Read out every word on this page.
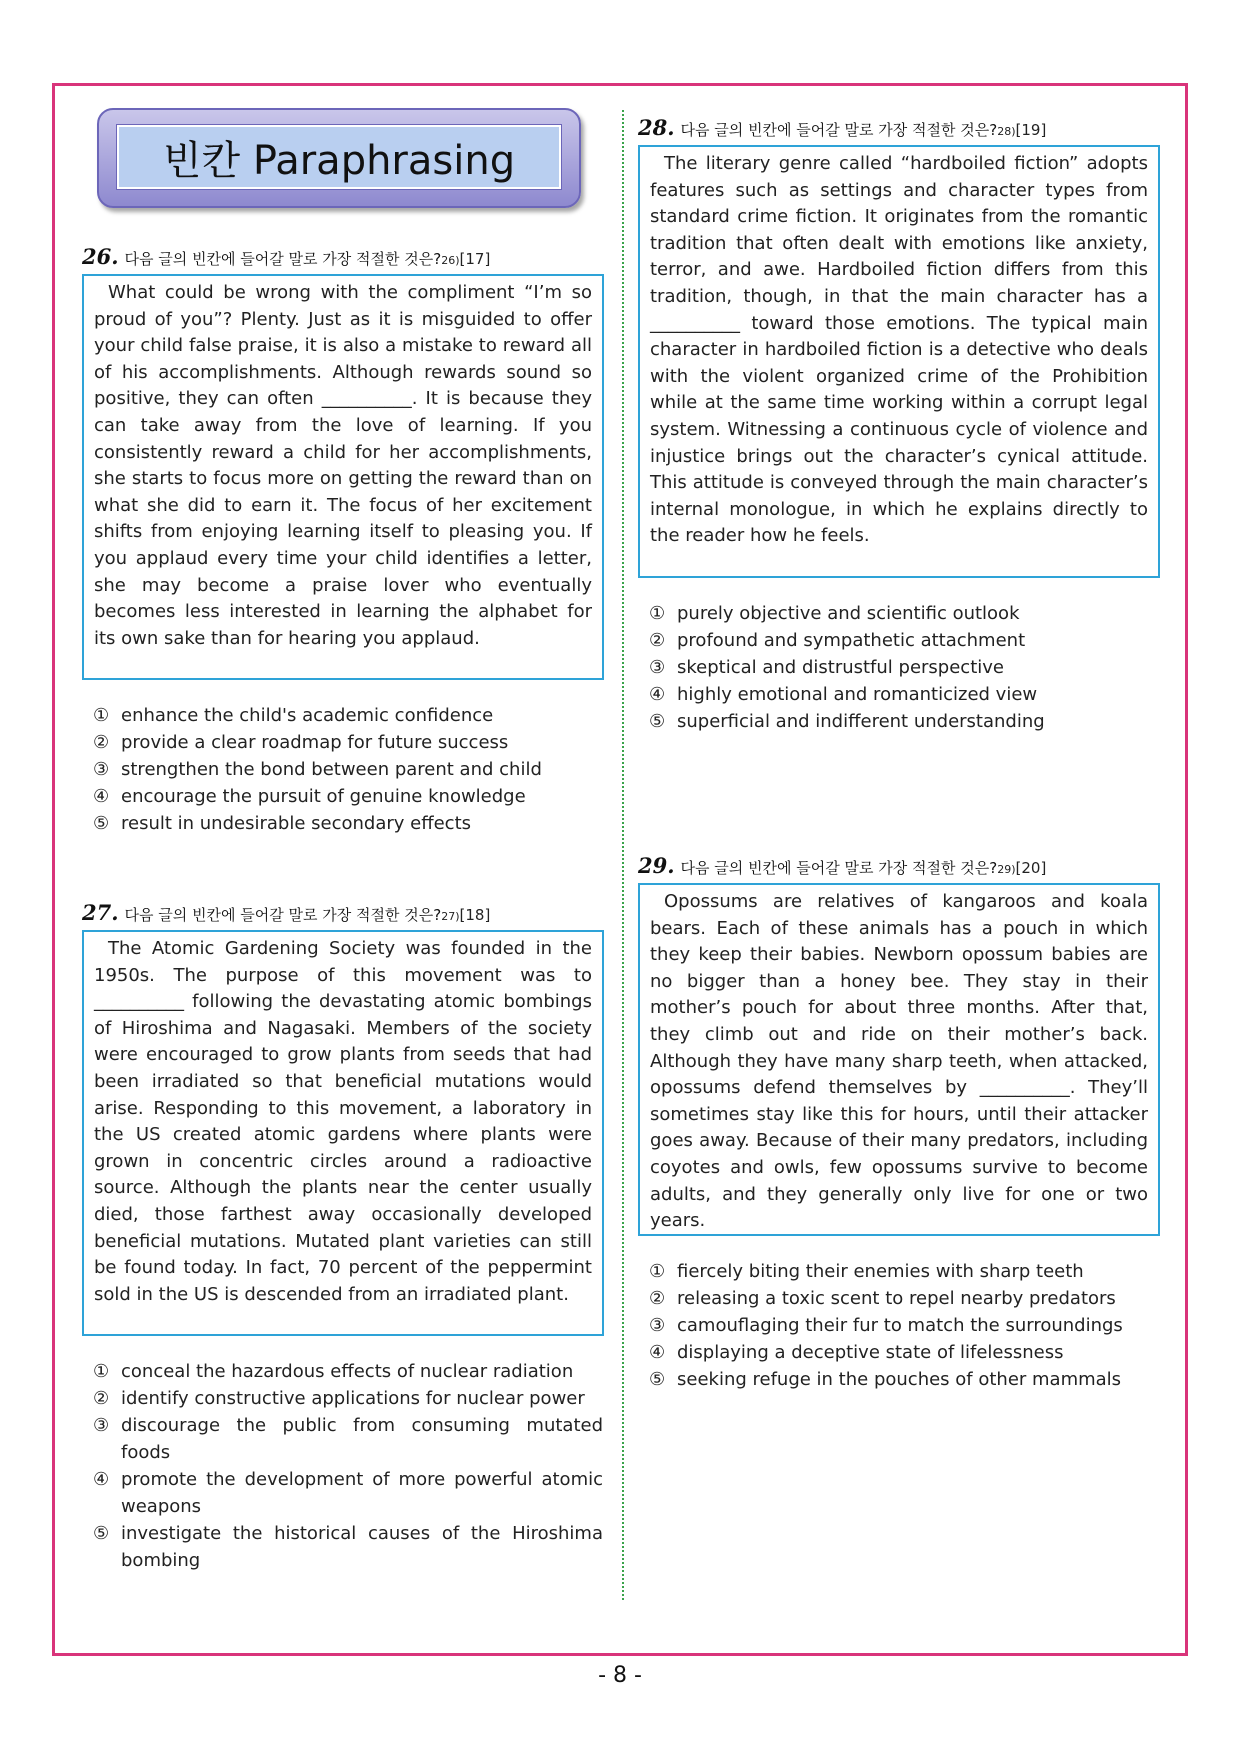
빈칸 Paraphrasing
26. 다음 글의 빈칸에 들어갈 말로 가장 적절한 것은? 26) [17]
What could be wrong with the compliment “I’m so proud of you”? Plenty. Just as it is misguided to offer your child false praise, it is also a mistake to reward all of his accomplishments. Although rewards sound so positive, they can often __________. It is because they can take away from the love of learning. If you consistently reward a child for her accomplishments, she starts to focus more on getting the reward than on what she did to earn it. The focus of her excitement shifts from enjoying learning itself to pleasing you. If you applaud every time your child identifies a letter, she may become a praise lover who eventually becomes less interested in learning the alphabet for its own sake than for hearing you applaud.
① enhance the child's academic confidence
② provide a clear roadmap for future success
③ strengthen the bond between parent and child
④ encourage the pursuit of genuine knowledge
⑤ result in undesirable secondary effects
27. 다음 글의 빈칸에 들어갈 말로 가장 적절한 것은? 27) [18]
The Atomic Gardening Society was founded in the 1950s. The purpose of this movement was to __________ following the devastating atomic bombings of Hiroshima and Nagasaki. Members of the society were encouraged to grow plants from seeds that had been irradiated so that beneficial mutations would arise. Responding to this movement, a laboratory in the US created atomic gardens where plants were grown in concentric circles around a radioactive source. Although the plants near the center usually died, those farthest away occasionally developed beneficial mutations. Mutated plant varieties can still be found today. In fact, 70 percent of the peppermint sold in the US is descended from an irradiated plant.
① conceal the hazardous effects of nuclear radiation
② identify constructive applications for nuclear power
③ discourage the public from consuming mutated foods
④ promote the development of more powerful atomic weapons
⑤ investigate the historical causes of the Hiroshima bombing
28. 다음 글의 빈칸에 들어갈 말로 가장 적절한 것은? 28) [19]
The literary genre called “hardboiled fiction” adopts features such as settings and character types from standard crime fiction. It originates from the romantic tradition that often dealt with emotions like anxiety, terror, and awe. Hardboiled fiction differs from this tradition, though, in that the main character has a __________ toward those emotions. The typical main character in hardboiled fiction is a detective who deals with the violent organized crime of the Prohibition while at the same time working within a corrupt legal system. Witnessing a continuous cycle of violence and injustice brings out the character’s cynical attitude. This attitude is conveyed through the main character’s internal monologue, in which he explains directly to the reader how he feels.
① purely objective and scientific outlook
② profound and sympathetic attachment
③ skeptical and distrustful perspective
④ highly emotional and romanticized view
⑤ superficial and indifferent understanding
29. 다음 글의 빈칸에 들어갈 말로 가장 적절한 것은? 29) [20]
Opossums are relatives of kangaroos and koala bears. Each of these animals has a pouch in which they keep their babies. Newborn opossum babies are no bigger than a honey bee. They stay in their mother’s pouch for about three months. After that, they climb out and ride on their mother’s back. Although they have many sharp teeth, when attacked, opossums defend themselves by __________. They’ll sometimes stay like this for hours, until their attacker goes away. Because of their many predators, including coyotes and owls, few opossums survive to become adults, and they generally only live for one or two years.
① fiercely biting their enemies with sharp teeth
② releasing a toxic scent to repel nearby predators
③ camouflaging their fur to match the surroundings
④ displaying a deceptive state of lifelessness
⑤ seeking refuge in the pouches of other mammals
- 8 -
